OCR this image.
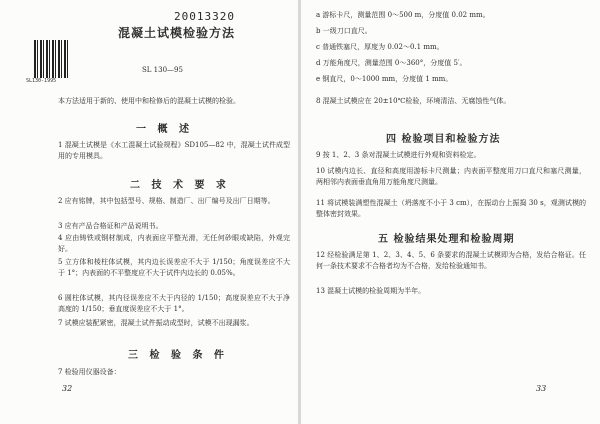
SL130-1995
20013320
混凝土试模检验方法
SL 130—95
本方法适用于新的、使用中和检修后的混凝土试模的检验。
一 概 述
1 混凝土试模是《水工混凝土试验规程》SD105—82 中，混凝土试件成型用的专用模具。
二 技 术 要 求
2 应有铭牌，其中包括型号、规格、制造厂、出厂编号及出厂日期等。
3 应有产品合格证和产品说明书。
4 应由铸铁或钢材制成，内表面应平整光滑，无任何砂眼或缺陷，外观完好。
5 立方体和棱柱体试模，其内边长误差应不大于 1/150；角度误差应不大于 1°；内表面的不平整度应不大于试件内边长的 0.05%。
6 圆柱体试模，其内径误差应不大于内径的 1/150；高度误差应不大于净高度的 1/150；垂直度误差应不大于 1°。
7 试模应装配紧密，混凝土试件振动成型时，试模不出现漏浆。
三 检 验 条 件
7 检验用仪器设备：
32
a 游标卡尺，测量范围 0～500 m，分度值 0.02 mm。
b 一级刀口直尺。
c 普通铁塞尺，厚度为 0.02～0.1 mm。
d 万能角度尺，测量范围 0～360°，分度值 5′。
e 钢直尺，0～1000 mm，分度值 1 mm。
8 混凝土试模应在 20±10℃检验，环境清洁、无腐蚀性气体。
四 检验项目和检验方法
9 按 1、2、3 条对混凝土试模进行外观和资料检定。
10 试模内边长、直径和高度用游标卡尺测量；内表面平整度用刀口直尺和塞尺测量，两相邻内表面垂直角用万能角度尺测量。
11 将试模装满塑性混凝土（坍落度不小于 3 cm），在振动台上振捣 30 s，观测试模的整体密封效果。
五 检验结果处理和检验周期
12 经检验满足第 1、2、3、4、5、6 条要求的混凝土试模即为合格，发给合格证。任何一条技术要求不合格者均为不合格，发给检验通知书。
13 混凝土试模的检验周期为半年。
33
